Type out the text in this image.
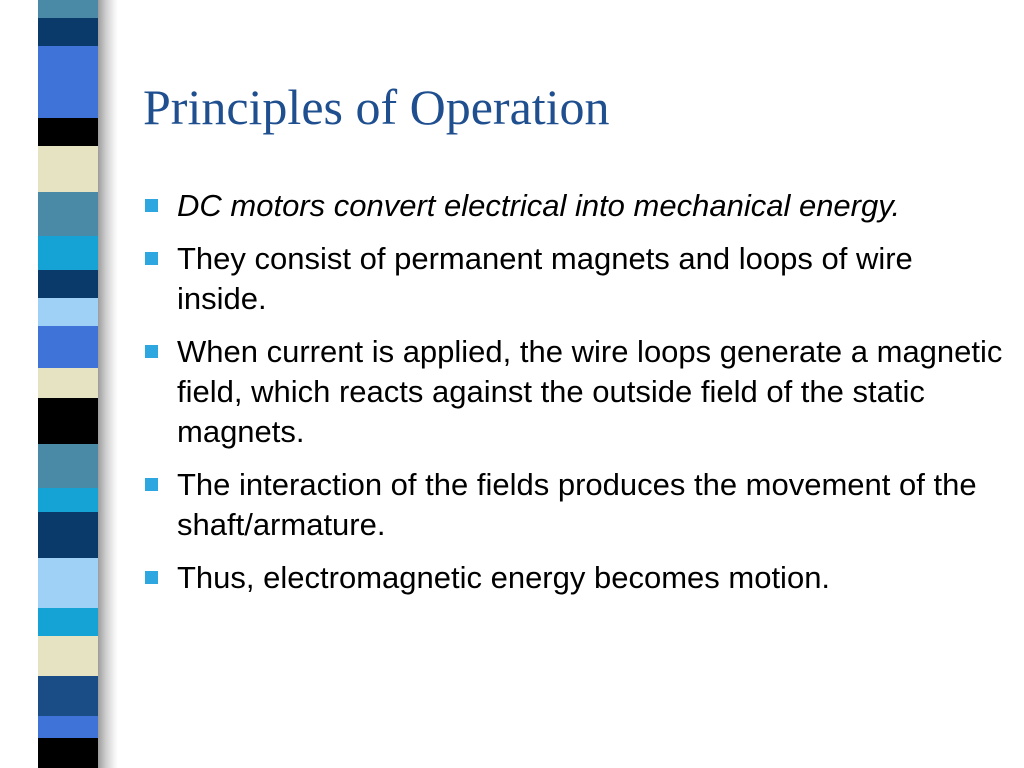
Principles of Operation
DC motors convert electrical into mechanical energy.
They consist of permanent magnets and loops of wire inside.
When current is applied, the wire loops generate a magnetic field, which reacts against the outside field of the static magnets.
The interaction of the fields produces the movement of the shaft/armature.
Thus, electromagnetic energy becomes motion.
